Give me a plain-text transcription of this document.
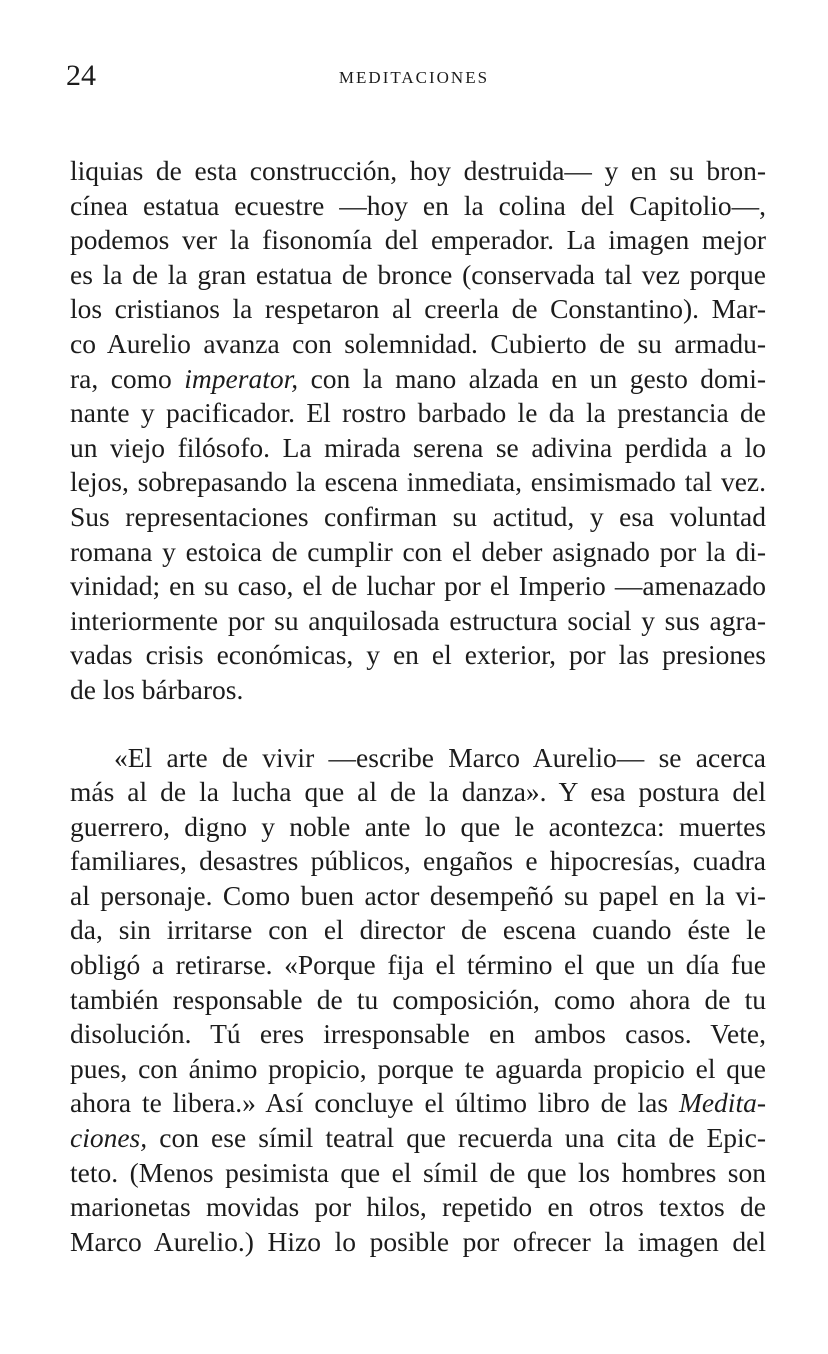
24	MEDITACIONES

liquias de esta construcción, hoy destruida— y en su bron-
cínea estatua ecuestre —hoy en la colina del Capitolio—,
podemos ver la fisonomía del emperador. La imagen mejor
es la de la gran estatua de bronce (conservada tal vez porque
los cristianos la respetaron al creerla de Constantino). Mar-
co Aurelio avanza con solemnidad. Cubierto de su armadu-
ra, como imperator, con la mano alzada en un gesto domi-
nante y pacificador. El rostro barbado le da la prestancia de
un viejo filósofo. La mirada serena se adivina perdida a lo
lejos, sobrepasando la escena inmediata, ensimismado tal vez.
Sus representaciones confirman su actitud, y esa voluntad
romana y estoica de cumplir con el deber asignado por la di-
vinidad; en su caso, el de luchar por el Imperio —amenazado
interiormente por su anquilosada estructura social y sus agra-
vadas crisis económicas, y en el exterior, por las presiones
de los bárbaros.

«El arte de vivir —escribe Marco Aurelio— se acerca
más al de la lucha que al de la danza». Y esa postura del
guerrero, digno y noble ante lo que le acontezca: muertes
familiares, desastres públicos, engaños e hipocresías, cuadra
al personaje. Como buen actor desempeñó su papel en la vi-
da, sin irritarse con el director de escena cuando éste le
obligó a retirarse. «Porque fija el término el que un día fue
también responsable de tu composición, como ahora de tu
disolución. Tú eres irresponsable en ambos casos. Vete,
pues, con ánimo propicio, porque te aguarda propicio el que
ahora te libera.» Así concluye el último libro de las Medita-
ciones, con ese símil teatral que recuerda una cita de Epic-
teto. (Menos pesimista que el símil de que los hombres son
marionetas movidas por hilos, repetido en otros textos de
Marco Aurelio.) Hizo lo posible por ofrecer la imagen del
